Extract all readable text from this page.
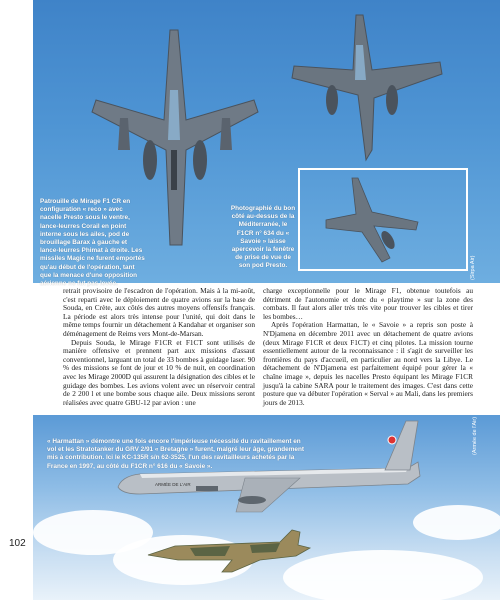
Patrouille de Mirage F1 CR en configuration « reco » avec nacelle Presto sous le ventre, lance-leurres Corail en point interne sous les ailes, pod de brouillage Barax à gauche et lance-leurres Phimat à droite. Les missiles Magic ne furent emportés qu'au début de l'opération, tant que la menace d'une opposition aérienne ne fut pas levée.
Photographié du bon côté au-dessus de la Méditerranée, le F1CR n° 634 du « Savoie » laisse apercevoir la fenêtre de prise de vue de son pod Presto.	(Sirpa Air)

retrait provisoire de l'escadron de l'opération. Mais à la mi-août, c'est reparti avec le déploiement de quatre avions sur la base de Souda, en Crète, aux côtés des autres moyens offensifs français. La période est alors très intense pour l'unité, qui doit dans le même temps fournir un détachement à Kandahar et organiser son déménagement de Reims vers Mont-de-Marsan.

Depuis Souda, le Mirage F1CR et F1CT sont utilisés de manière offensive et prennent part aux missions d'assaut conventionnel, larguant un total de 33 bombes à guidage laser. 90 % des missions se font de jour et 10 % de nuit, en coordination avec les Mirage 2000D qui assurent la désignation des cibles et le guidage des bombes. Les avions volent avec un réservoir central de 2 200 l et une bombe sous chaque aile. Deux missions seront réalisées avec quatre GBU-12 par avion : une

charge exceptionnelle pour le Mirage F1, obtenue toutefois au détriment de l'autonomie et donc du « playtime » sur la zone des combats. Il faut alors aller très très vite pour trouver les cibles et tirer les bombes…

Après l'opération Harmattan, le « Savoie » a repris son poste à N'Djamena en décembre 2011 avec un détachement de quatre avions (deux Mirage F1CR et deux F1CT) et cinq pilotes. La mission tourne essentiellement autour de la reconnaissance : il s'agit de surveiller les frontières du pays d'accueil, en particulier au nord vers la Libye. Le détachement de N'Djamena est parfaitement équipé pour gérer la « chaîne image », depuis les nacelles Presto équipant les Mirage F1CR jusqu'à la cabine SARA pour le traitement des images. C'est dans cette posture que va débuter l'opération « Serval » au Mali, dans les premiers jours de 2013.

ARMÉE DE L'AIR
« Harmattan » démontre une fois encore l'impérieuse nécessité du ravitaillement en vol et les Stratotanker du GRV 2/91 « Bretagne » furent, malgré leur âge, grandement mis à contribution. Ici le KC-135R s/n 62-3525, l'un des ravitailleurs achetés par la France en 1997, au côté du F1CR n° 616 du « Savoie ».
(Armée de l'Air)
102
